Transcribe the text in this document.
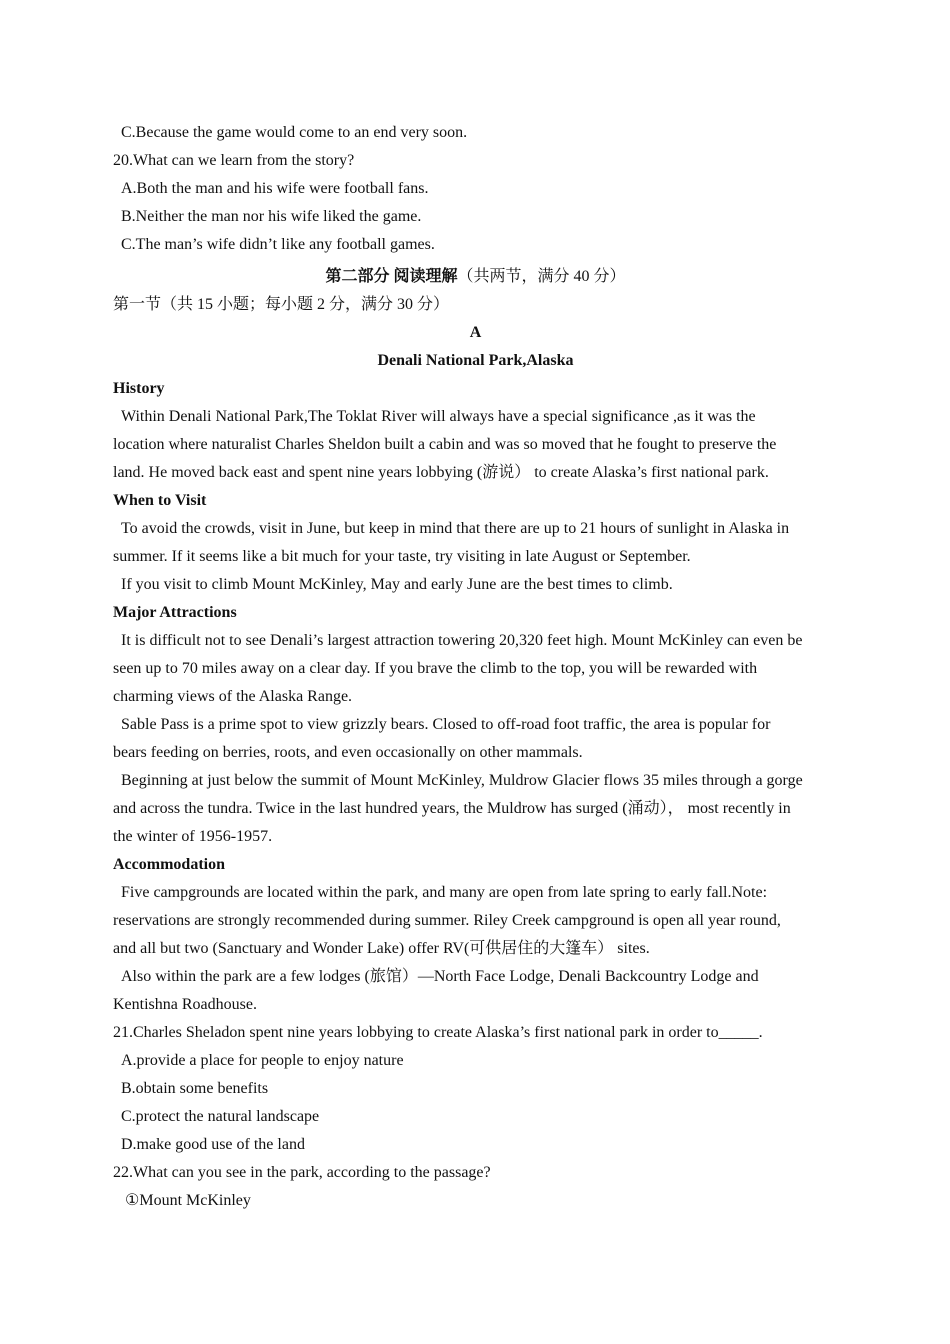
C.Because the game would come to an end very soon.
20.What can we learn from the story?
A.Both the man and his wife were football fans.
B.Neither the man nor his wife liked the game.
C.The man’s wife didn’t like any football games.
第二部分 阅读理解（共两节，满分 40 分）
第一节（共 15 小题；每小题 2 分，满分 30 分）
A
Denali National Park,Alaska
History
Within Denali National Park,The Toklat River will always have a special significance ,as it was the
location where naturalist Charles Sheldon built a cabin and was so moved that he fought to preserve the
land. He moved back east and spent nine years lobbying (游说） to create Alaska’s first national park.
When to Visit
To avoid the crowds, visit in June, but keep in mind that there are up to 21 hours of sunlight in Alaska in
summer. If it seems like a bit much for your taste, try visiting in late August or September.
If you visit to climb Mount McKinley, May and early June are the best times to climb.
Major Attractions
It is difficult not to see Denali’s largest attraction towering 20,320 feet high. Mount McKinley can even be
seen up to 70 miles away on a clear day. If you brave the climb to the top, you will be rewarded with
charming views of the Alaska Range.
Sable Pass is a prime spot to view grizzly bears. Closed to off-road foot traffic, the area is popular for
bears feeding on berries, roots, and even occasionally on other mammals.
Beginning at just below the summit of Mount McKinley, Muldrow Glacier flows 35 miles through a gorge
and across the tundra. Twice in the last hundred years, the Muldrow has surged (涌动）， most recently in
the winter of 1956-1957.
Accommodation
Five campgrounds are located within the park, and many are open from late spring to early fall.Note:
reservations are strongly recommended during summer. Riley Creek campground is open all year round,
and all but two (Sanctuary and Wonder Lake) offer RV(可供居住的大篷车） sites.
Also within the park are a few lodges (旅馆）—North Face Lodge, Denali Backcountry Lodge and
Kentishna Roadhouse.
21.Charles Sheladon spent nine years lobbying to create Alaska’s first national park in order to_____.
A.provide a place for people to enjoy nature
B.obtain some benefits
C.protect the natural landscape
D.make good use of the land
22.What can you see in the park, according to the passage?
①Mount McKinley
